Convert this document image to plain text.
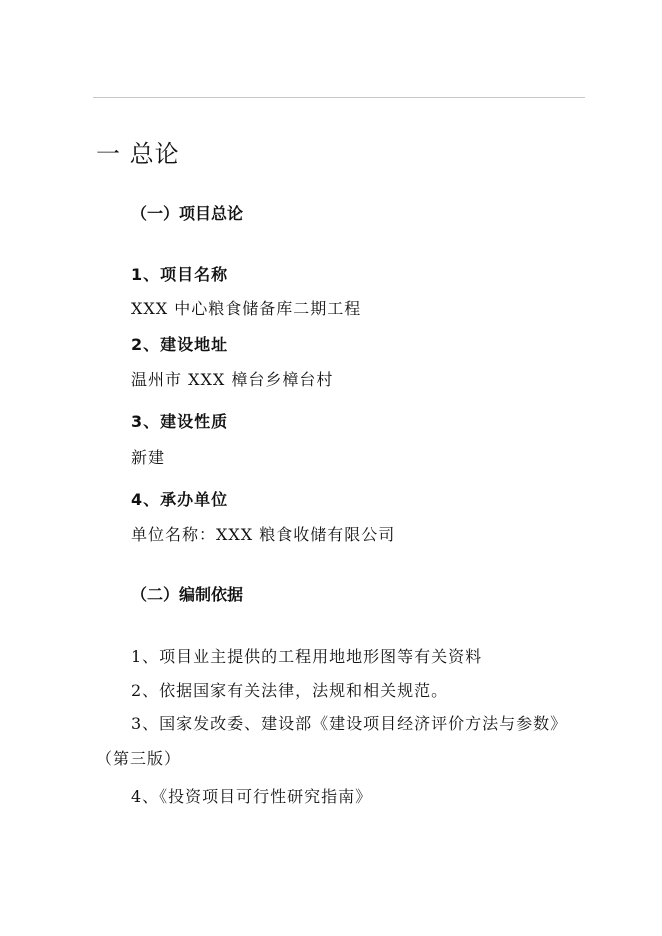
一 总论
（一）项目总论
1、项目名称
XXX 中心粮食储备库二期工程
2、建设地址
温州市 XXX 樟台乡樟台村
3、建设性质
新建
4、承办单位
单位名称：XXX 粮食收储有限公司
（二）编制依据
1、项目业主提供的工程用地地形图等有关资料
2、依据国家有关法律，法规和相关规范。
3、国家发改委、建设部《建设项目经济评价方法与参数》
（第三版）
4、《投资项目可行性研究指南》
